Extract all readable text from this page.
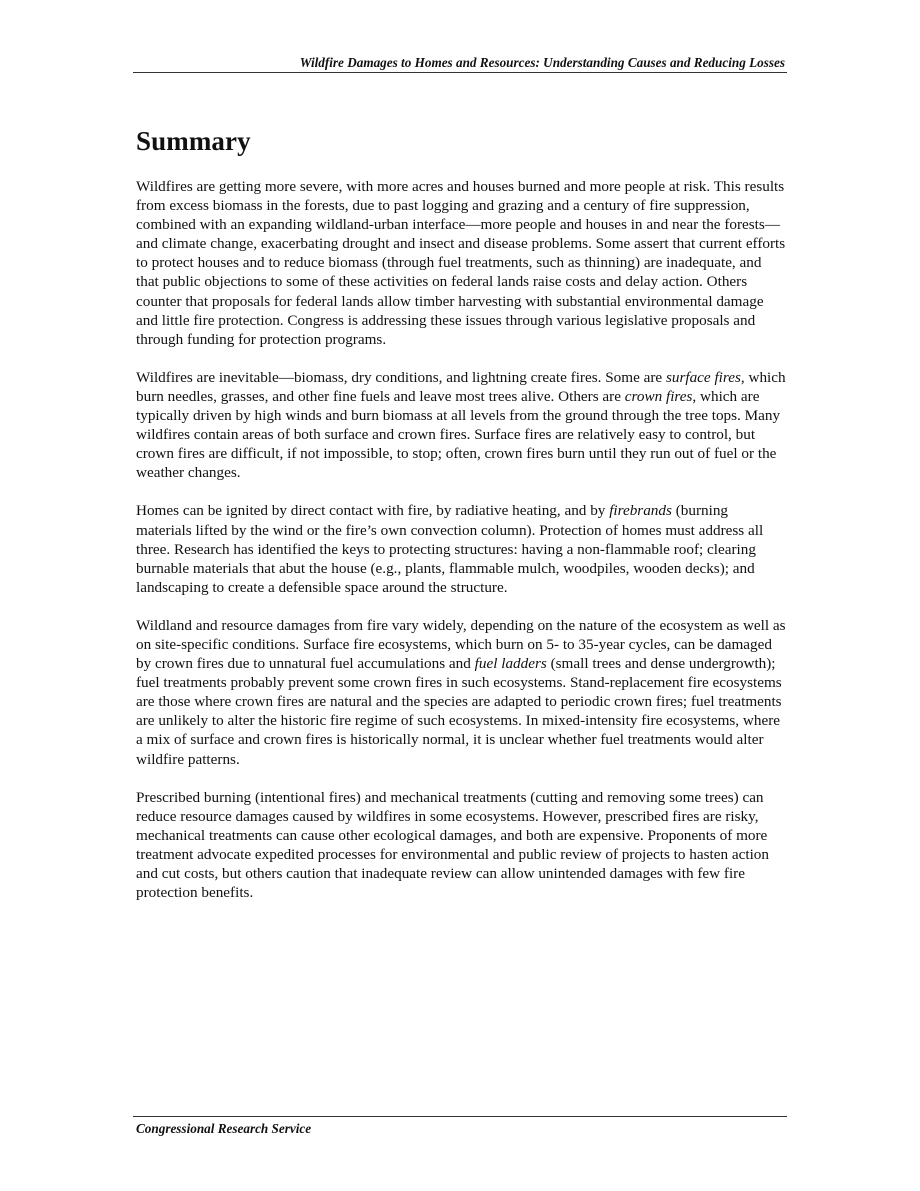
Wildfire Damages to Homes and Resources: Understanding Causes and Reducing Losses
Summary

Wildfires are getting more severe, with more acres and houses burned and more people at risk. This results from excess biomass in the forests, due to past logging and grazing and a century of fire suppression, combined with an expanding wildland-urban interface—more people and houses in and near the forests—and climate change, exacerbating drought and insect and disease problems. Some assert that current efforts to protect houses and to reduce biomass (through fuel treatments, such as thinning) are inadequate, and that public objections to some of these activities on federal lands raise costs and delay action. Others counter that proposals for federal lands allow timber harvesting with substantial environmental damage and little fire protection. Congress is addressing these issues through various legislative proposals and through funding for protection programs.

Wildfires are inevitable—biomass, dry conditions, and lightning create fires. Some are surface fires, which burn needles, grasses, and other fine fuels and leave most trees alive. Others are crown fires, which are typically driven by high winds and burn biomass at all levels from the ground through the tree tops. Many wildfires contain areas of both surface and crown fires. Surface fires are relatively easy to control, but crown fires are difficult, if not impossible, to stop; often, crown fires burn until they run out of fuel or the weather changes.

Homes can be ignited by direct contact with fire, by radiative heating, and by firebrands (burning materials lifted by the wind or the fire’s own convection column). Protection of homes must address all three. Research has identified the keys to protecting structures: having a non-flammable roof; clearing burnable materials that abut the house (e.g., plants, flammable mulch, woodpiles, wooden decks); and landscaping to create a defensible space around the structure.

Wildland and resource damages from fire vary widely, depending on the nature of the ecosystem as well as on site-specific conditions. Surface fire ecosystems, which burn on 5- to 35-year cycles, can be damaged by crown fires due to unnatural fuel accumulations and fuel ladders (small trees and dense undergrowth); fuel treatments probably prevent some crown fires in such ecosystems. Stand-replacement fire ecosystems are those where crown fires are natural and the species are adapted to periodic crown fires; fuel treatments are unlikely to alter the historic fire regime of such ecosystems. In mixed-intensity fire ecosystems, where a mix of surface and crown fires is historically normal, it is unclear whether fuel treatments would alter wildfire patterns.

Prescribed burning (intentional fires) and mechanical treatments (cutting and removing some trees) can reduce resource damages caused by wildfires in some ecosystems. However, prescribed fires are risky, mechanical treatments can cause other ecological damages, and both are expensive. Proponents of more treatment advocate expedited processes for environmental and public review of projects to hasten action and cut costs, but others caution that inadequate review can allow unintended damages with few fire protection benefits.

Congressional Research Service
